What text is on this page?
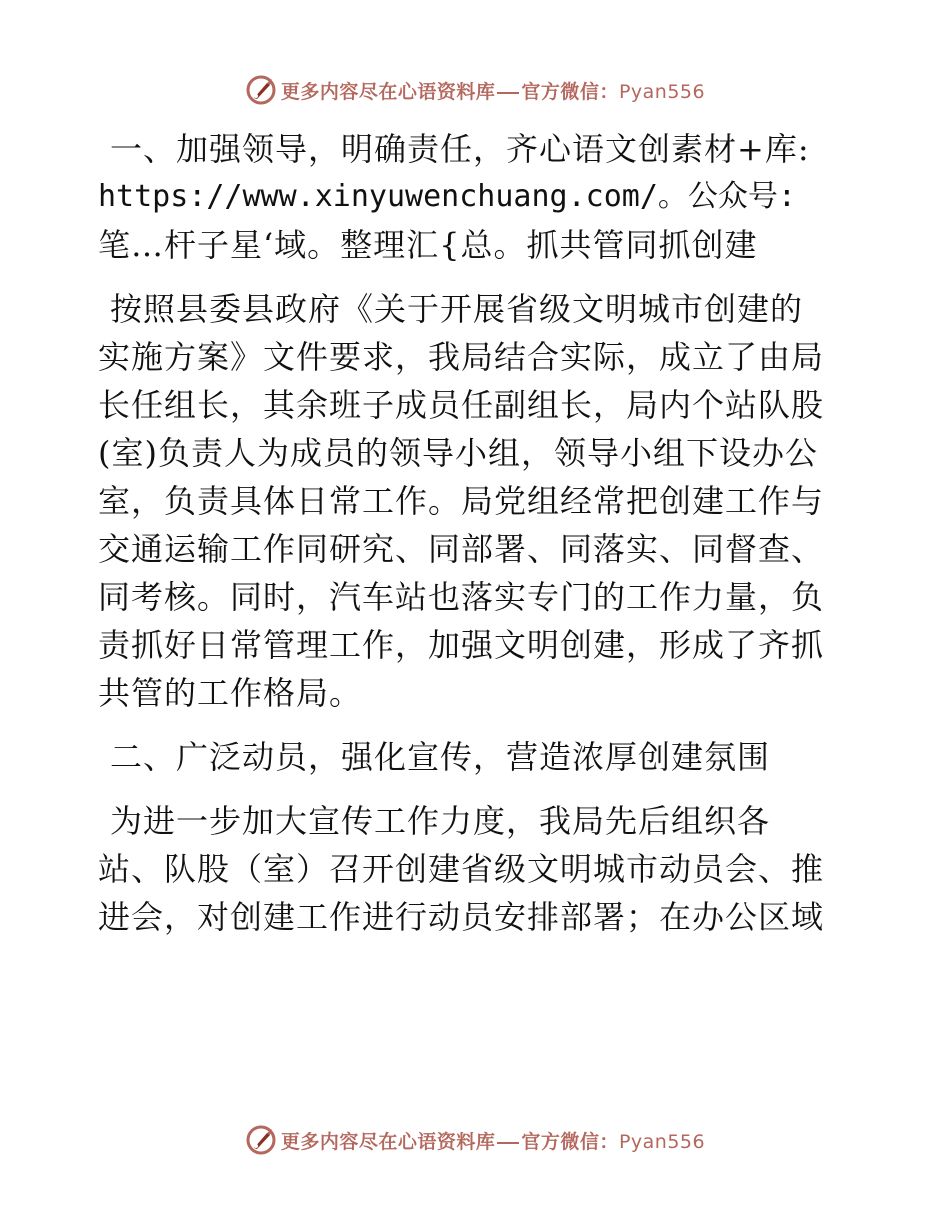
更多内容尽在心语资料库 官方微信：Pyan556
一、加强领导，明确责任，齐心语文创素材+库:
https://www.xinyuwenchuang.com/。公众号:
笔…杆子星‘域。整理汇{总。抓共管同抓创建
按照县委县政府《关于开展省级文明城市创建的
实施方案》文件要求，我局结合实际，成立了由局
长任组长，其余班子成员任副组长，局内个站队股
(室)负责人为成员的领导小组，领导小组下设办公
室，负责具体日常工作。局党组经常把创建工作与
交通运输工作同研究、同部署、同落实、同督查、
同考核。同时，汽车站也落实专门的工作力量，负
责抓好日常管理工作，加强文明创建，形成了齐抓
共管的工作格局。
二、广泛动员，强化宣传，营造浓厚创建氛围
为进一步加大宣传工作力度，我局先后组织各
站、队股（室）召开创建省级文明城市动员会、推
进会，对创建工作进行动员安排部署；在办公区域
更多内容尽在心语资料库 官方微信：Pyan556
